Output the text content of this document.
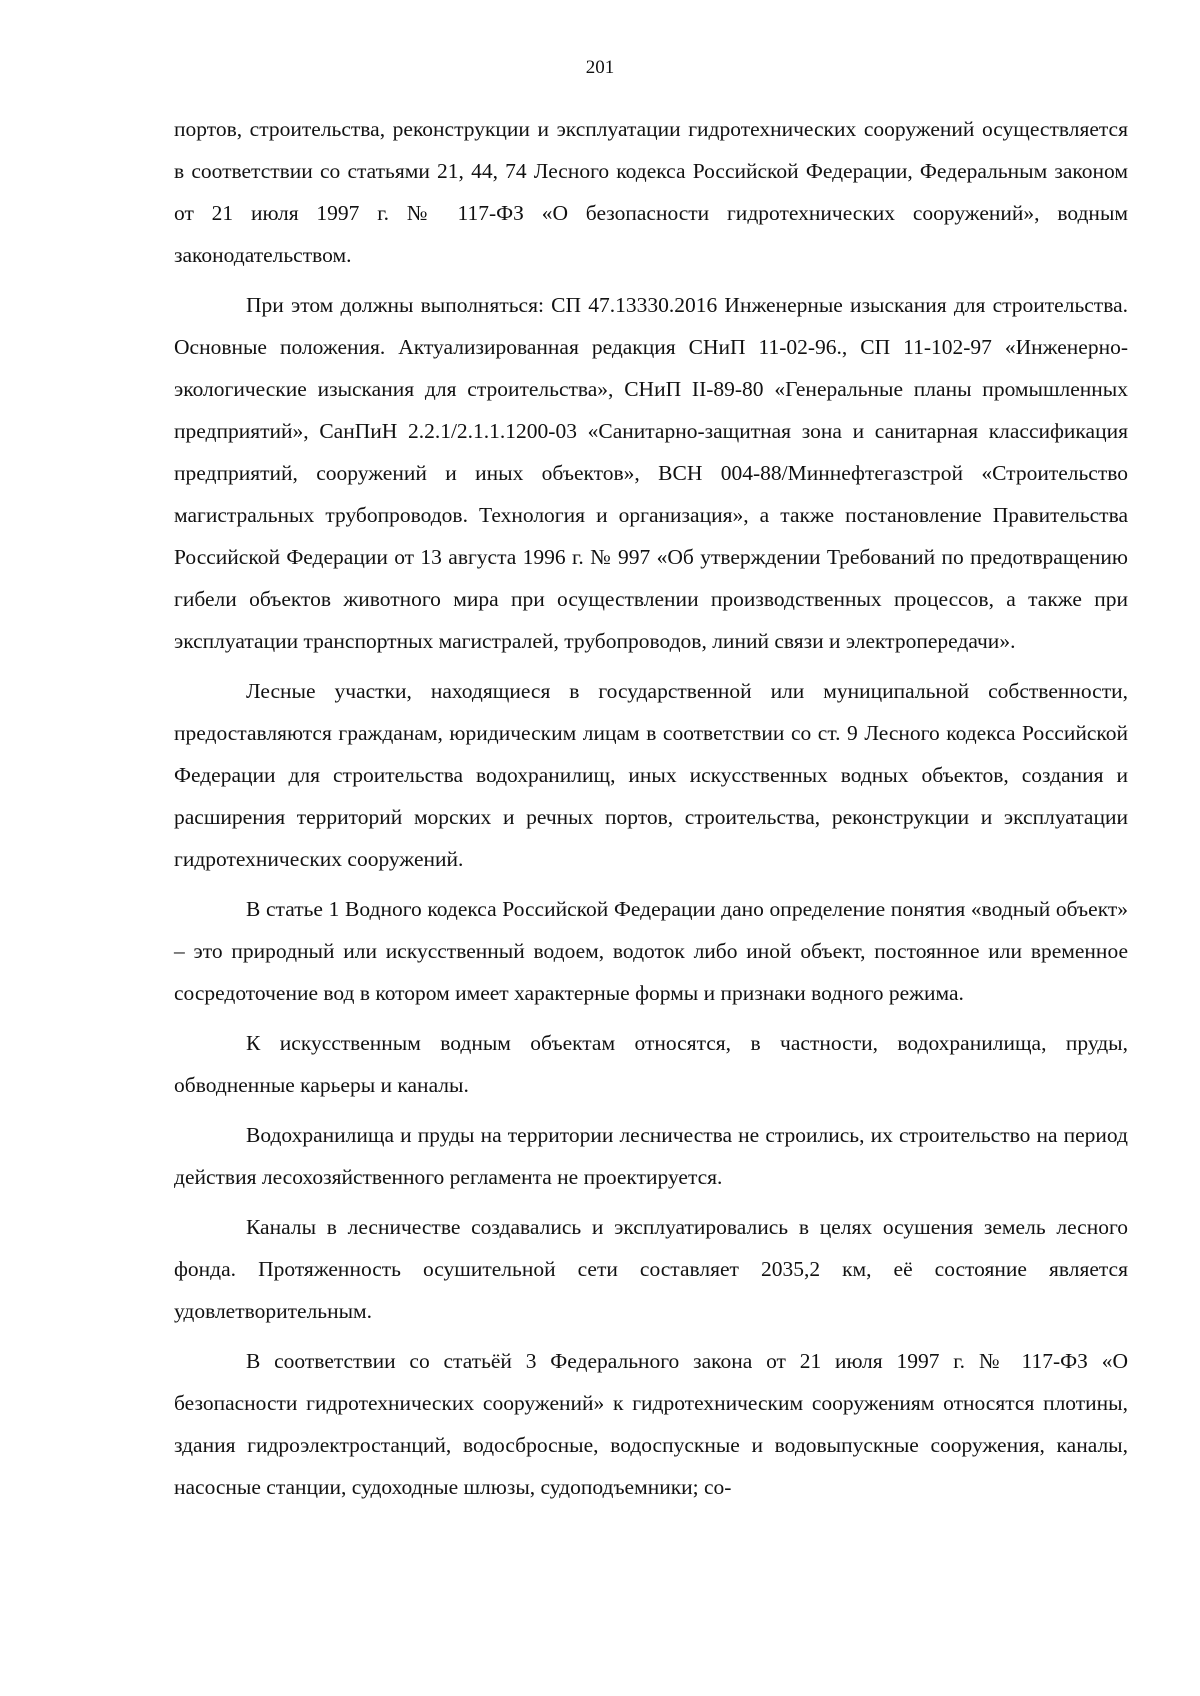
201

портов, строительства, реконструкции и эксплуатации гидротехнических сооружений осуществляется в соответствии со статьями 21, 44, 74 Лесного кодекса Российской Федерации, Федеральным законом от 21 июля 1997 г. № 117-ФЗ «О безопасности гидротехнических сооружений», водным законодательством.

При этом должны выполняться: СП 47.13330.2016 Инженерные изыскания для строительства. Основные положения. Актуализированная редакция СНиП 11-02-96., СП 11-102-97 «Инженерно-экологические изыскания для строительства», СНиП II-89-80 «Генеральные планы промышленных предприятий», СанПиН 2.2.1/2.1.1.1200-03 «Санитарно-защитная зона и санитарная классификация предприятий, сооружений и иных объектов», ВСН 004-88/Миннефтегазстрой «Строительство магистральных трубопроводов. Технология и организация», а также постановление Правительства Российской Федерации от 13 августа 1996 г. № 997 «Об утверждении Требований по предотвращению гибели объектов животного мира при осуществлении производственных процессов, а также при эксплуатации транспортных магистралей, трубопроводов, линий связи и электропередачи».

Лесные участки, находящиеся в государственной или муниципальной собственности, предоставляются гражданам, юридическим лицам в соответствии со ст. 9 Лесного кодекса Российской Федерации для строительства водохранилищ, иных искусственных водных объектов, создания и расширения территорий морских и речных портов, строительства, реконструкции и эксплуатации гидротехнических сооружений.

В статье 1 Водного кодекса Российской Федерации дано определение понятия «водный объект» – это природный или искусственный водоем, водоток либо иной объект, постоянное или временное сосредоточение вод в котором имеет характерные формы и признаки водного режима.

К искусственным водным объектам относятся, в частности, водохранилища, пруды, обводненные карьеры и каналы.

Водохранилища и пруды на территории лесничества не строились, их строительство на период действия лесохозяйственного регламента не проектируется.

Каналы в лесничестве создавались и эксплуатировались в целях осушения земель лесного фонда. Протяженность осушительной сети составляет 2035,2 км, её состояние является удовлетворительным.

В соответствии со статьёй 3 Федерального закона от 21 июля 1997 г. № 117-ФЗ «О безопасности гидротехнических сооружений» к гидротехническим сооружениям относятся плотины, здания гидроэлектростанций, водосбросные, водоспускные и водовыпускные сооружения, каналы, насосные станции, судоходные шлюзы, судоподъемники; со-
